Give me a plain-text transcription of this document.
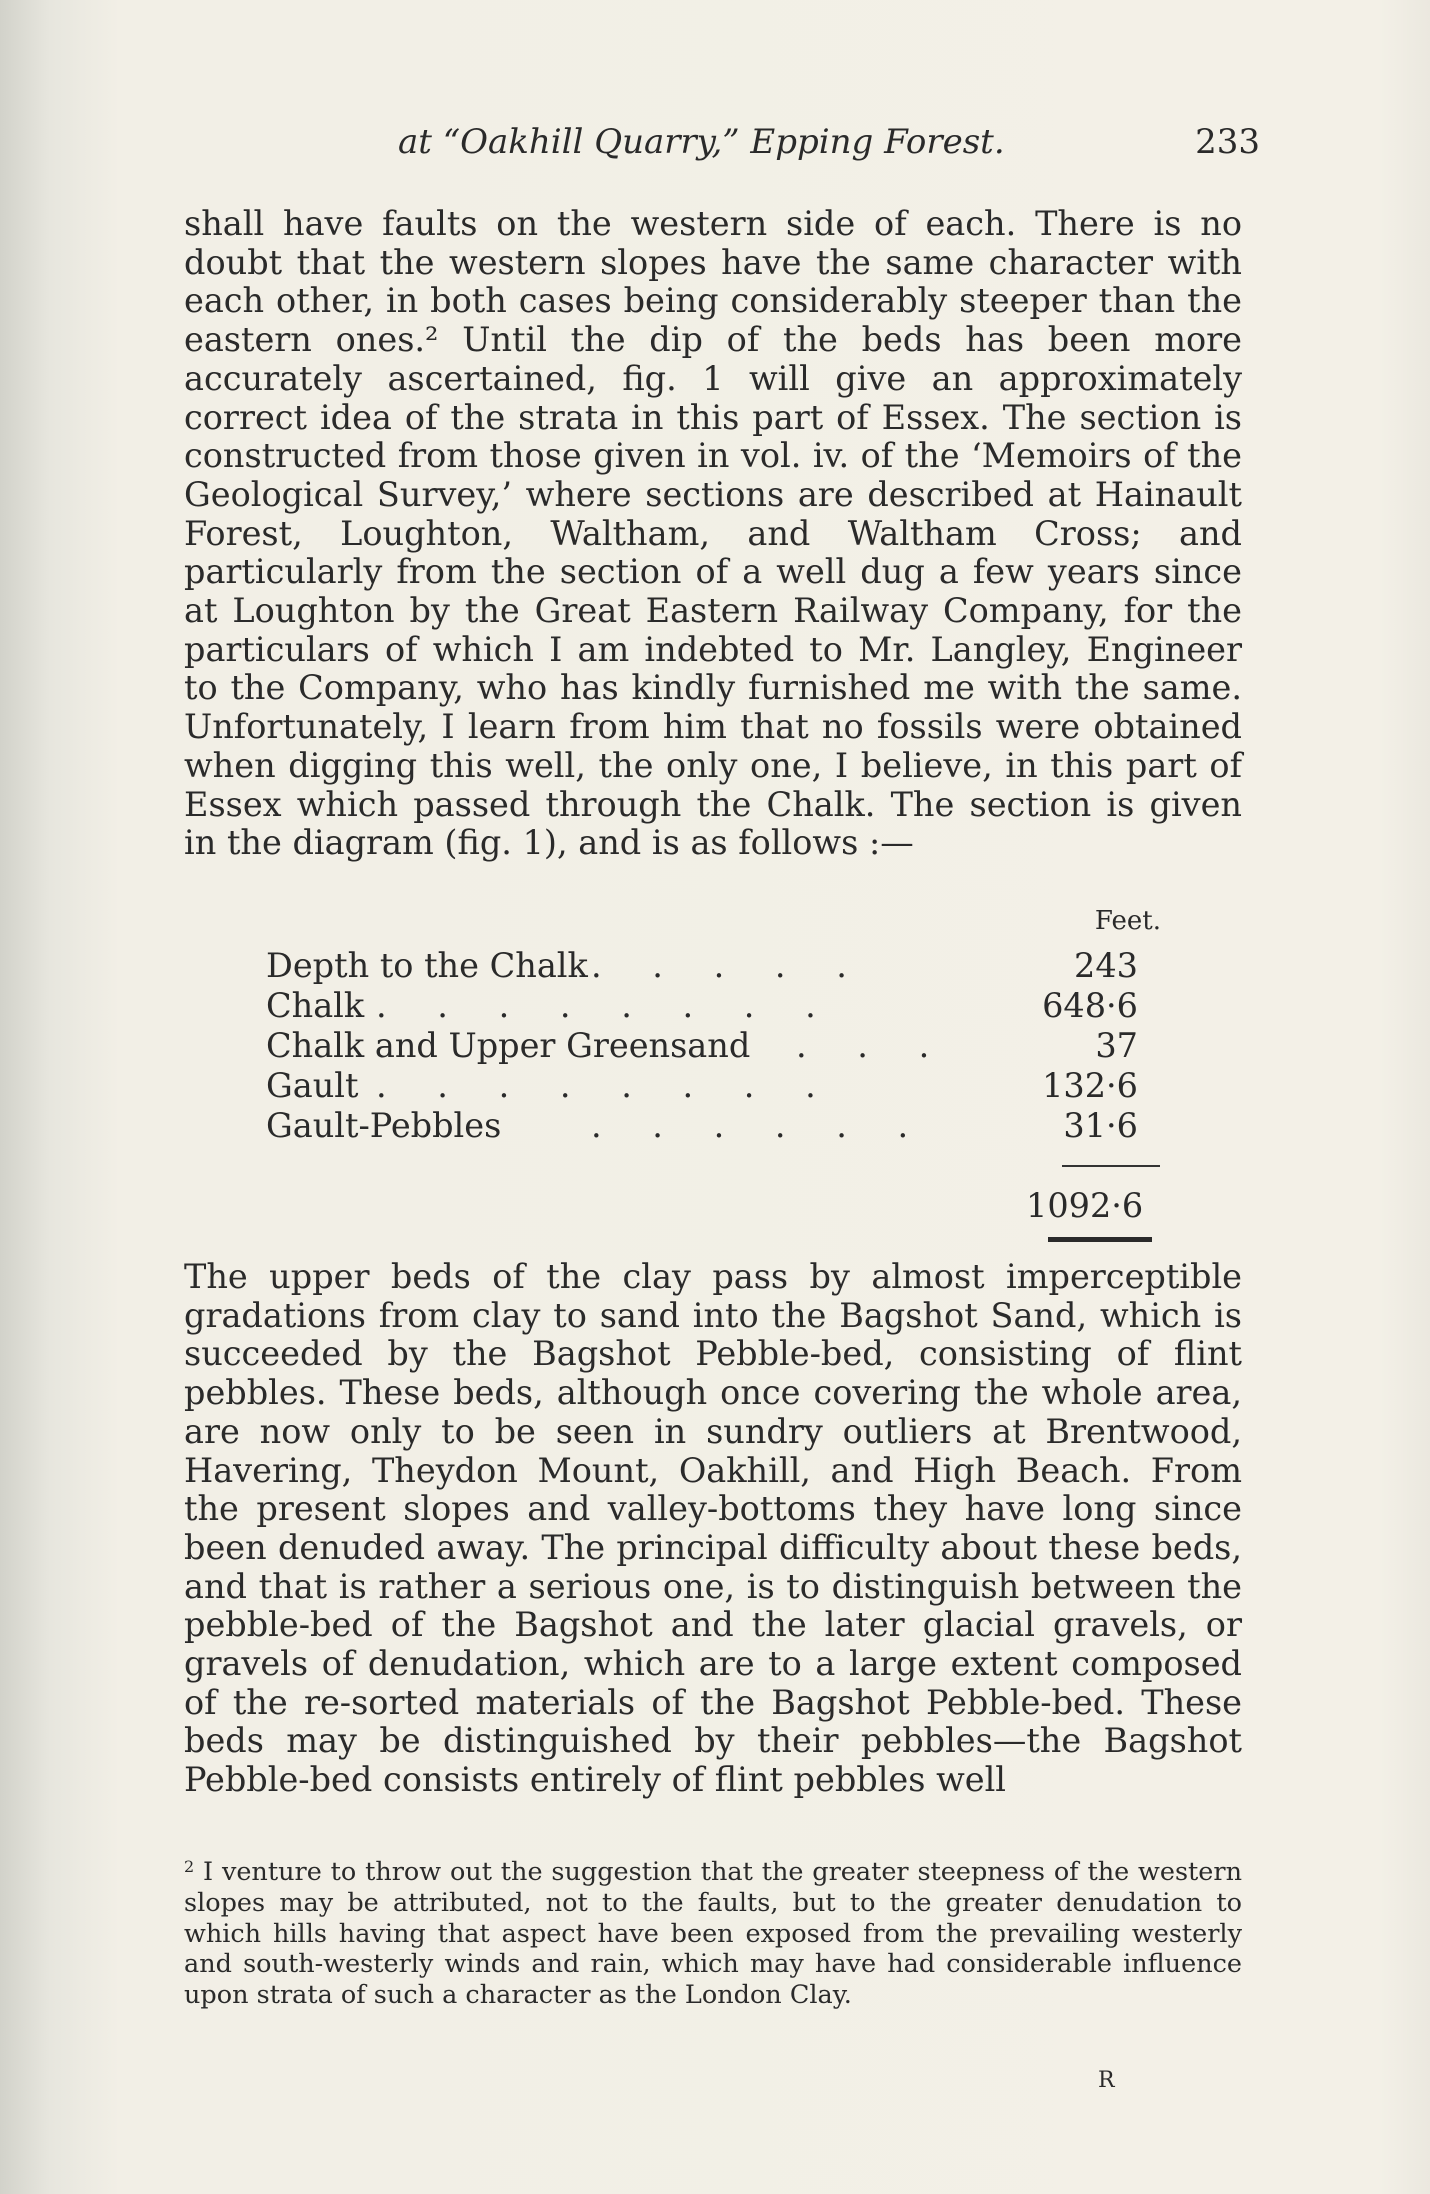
at “Oakhill Quarry,” Epping Forest.	233
shall have faults on the western side of each. There is no doubt that the western slopes have the same character with each other, in both cases being considerably steeper than the eastern ones.² Until the dip of the beds has been more accurately ascertained, fig. 1 will give an approximately correct idea of the strata in this part of Essex. The section is constructed from those given in vol. iv. of the ‘Memoirs of the Geological Survey,’ where sections are described at Hainault Forest, Loughton, Waltham, and Waltham Cross; and particularly from the section of a well dug a few years since at Loughton by the Great Eastern Railway Company, for the particulars of which I am indebted to Mr. Langley, Engineer to the Company, who has kindly furnished me with the same. Unfortunately, I learn from him that no fossils were obtained when digging this well, the only one, I believe, in this part of Essex which passed through the Chalk. The section is given in the diagram (fig. 1), and is as follows :—
Feet.
Depth to the Chalk . . . . .	243
Chalk . . . . . . . .	648·6
Chalk and Upper Greensand . . .	37
Gault . . . . . . . .	132·6
Gault-Pebbles	. . . . . .	31·6
1092·6
The upper beds of the clay pass by almost imperceptible gradations from clay to sand into the Bagshot Sand, which is succeeded by the Bagshot Pebble-bed, consisting of flint pebbles. These beds, although once covering the whole area, are now only to be seen in sundry outliers at Brentwood, Havering, Theydon Mount, Oakhill, and High Beach. From the present slopes and valley-bottoms they have long since been denuded away. The principal difficulty about these beds, and that is rather a serious one, is to distinguish between the pebble-bed of the Bagshot and the later glacial gravels, or gravels of denudation, which are to a large extent composed of the re-sorted materials of the Bagshot Pebble-bed. These beds may be distinguished by their pebbles—the Bagshot Pebble-bed consists entirely of flint pebbles well
$^2$ I venture to throw out the suggestion that the greater steepness of the western slopes may be attributed, not to the faults, but to the greater denudation to which hills having that aspect have been exposed from the prevailing westerly and south-westerly winds and rain, which may have had considerable influence upon strata of such a character as the London Clay.
R
